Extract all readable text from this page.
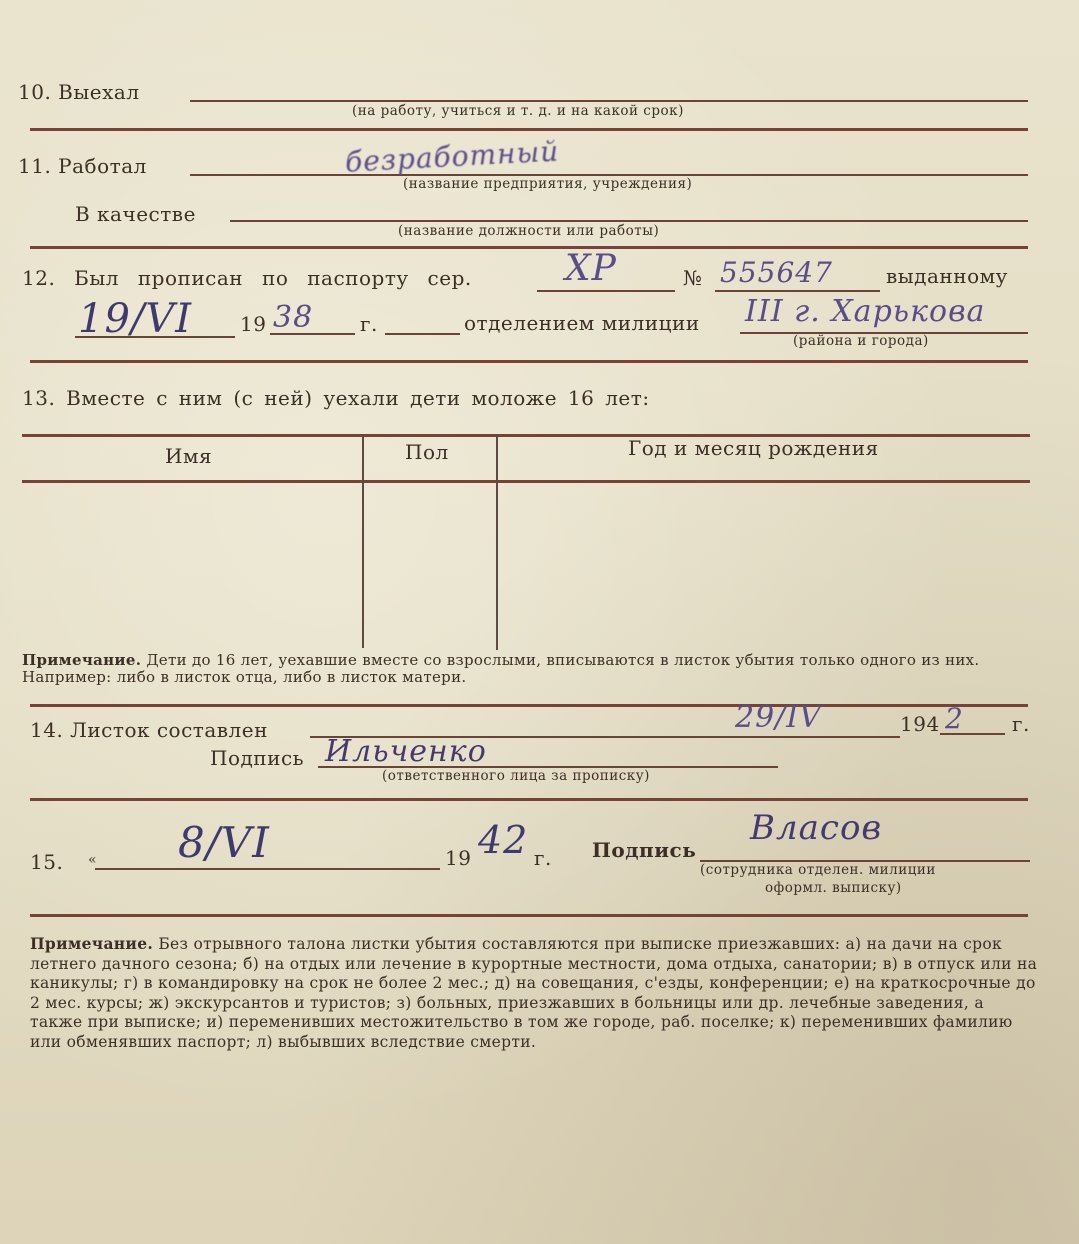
10. Выехал
(на работу, учиться и т. д. и на какой срок)
11. Работал	безработный
(название предприятия, учреждения)
В качестве
(название должности или работы)
12. Был прописан по паспорту сер.	ХР	№ 555647	выданному
19/VI 19 38 г.	отделением милиции III г. Харькова
(района и города)
13. Вместе с ним (с ней) уехали дети моложе 16 лет:
Имя	Пол	Год и месяц рождения
Примечание. Дети до 16 лет, уехавшие вместе со взрослыми, вписываются в листок убытия только одного из них. Например: либо в листок отца, либо в листок матери.
14. Листок составлен	29/IV	194 2 г.
Подпись Ильченко
(ответственного лица за прописку)
15. « 8/VI	19 42 г. Подпись
Власов
(сотрудника отделен. милиции
оформл. выписку)
Примечание. Без отрывного талона листки убытия составляются при выписке приезжавших: а) на дачи на срок летнего дачного сезона; б) на отдых или лечение в курортные местности, дома отдыха, санатории; в) в отпуск или на каникулы; г) в командировку на срок не более 2 мес.; д) на совещания, с'езды, конференции; е) на краткосрочные до 2 мес. курсы; ж) экскурсантов и туристов; з) больных, приезжавших в больницы или др. лечебные заведения, а также при выписке; и) переменивших местожительство в том же городе, раб. поселке; к) переменивших фамилию или обменявших паспорт; л) выбывших вследствие смерти.
